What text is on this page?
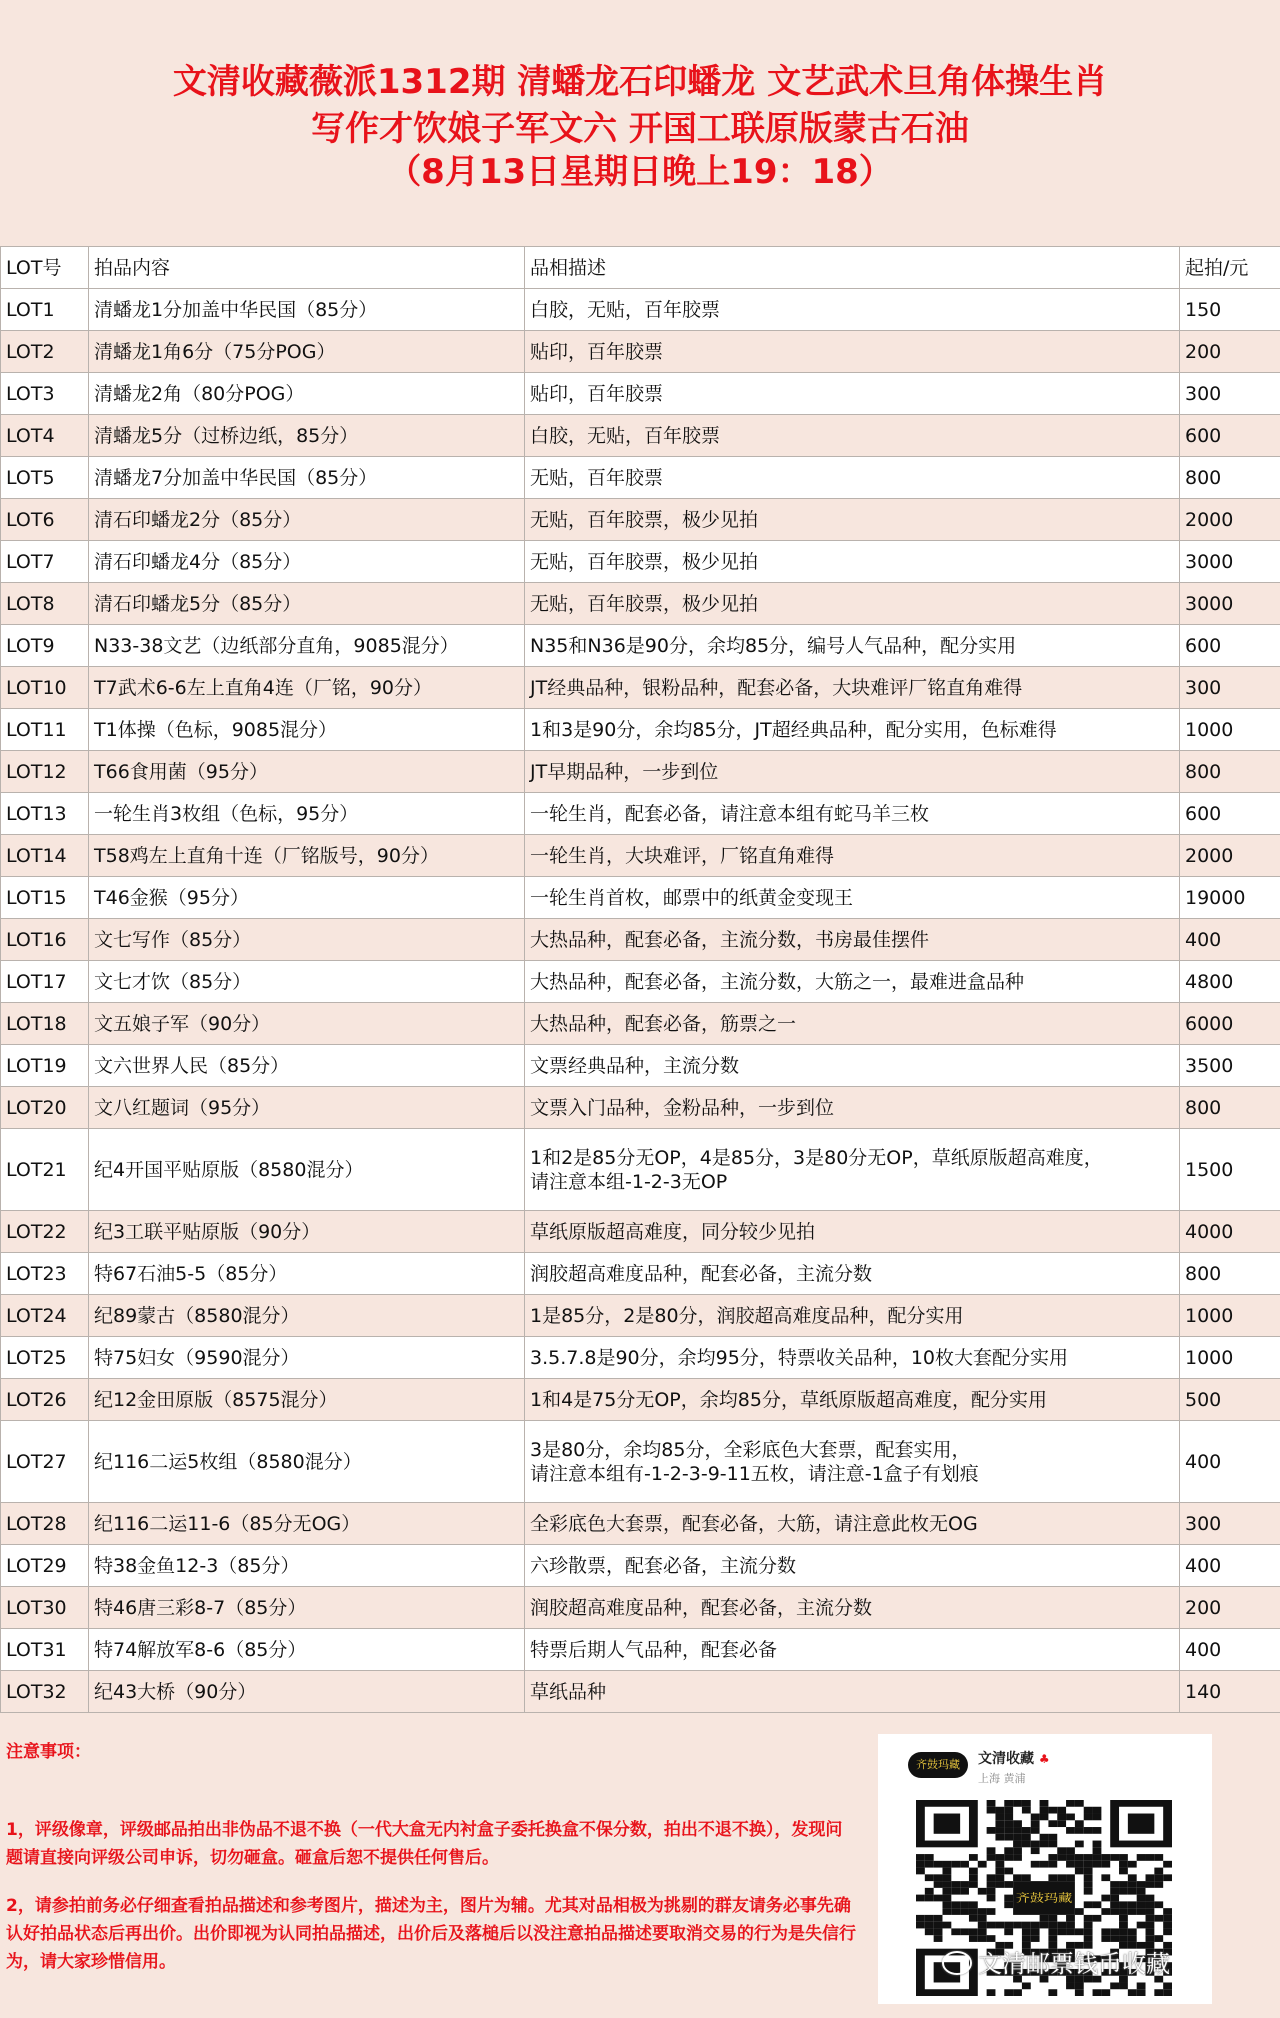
文清收藏薇派1312期 清蟠龙石印蟠龙 文艺武术旦角体操生肖
写作才饮娘子军文六 开国工联原版蒙古石油
（8月13日星期日晚上19：18）
LOT号	拍品内容	品相描述	起拍/元
LOT1	清蟠龙1分加盖中华民国（85分）	白胶，无贴，百年胶票	150
LOT2	清蟠龙1角6分（75分POG）	贴印，百年胶票	200
LOT3	清蟠龙2角（80分POG）	贴印，百年胶票	300
LOT4	清蟠龙5分（过桥边纸，85分）	白胶，无贴，百年胶票	600
LOT5	清蟠龙7分加盖中华民国（85分）	无贴，百年胶票	800
LOT6	清石印蟠龙2分（85分）	无贴，百年胶票，极少见拍	2000
LOT7	清石印蟠龙4分（85分）	无贴，百年胶票，极少见拍	3000
LOT8	清石印蟠龙5分（85分）	无贴，百年胶票，极少见拍	3000
LOT9	N33-38文艺（边纸部分直角，9085混分）	N35和N36是90分，余均85分，编号人气品种，配分实用	600
LOT10	T7武术6-6左上直角4连（厂铭，90分）	JT经典品种，银粉品种，配套必备，大块难评厂铭直角难得	300
LOT11	T1体操（色标，9085混分）	1和3是90分，余均85分，JT超经典品种，配分实用，色标难得	1000
LOT12	T66食用菌（95分）	JT早期品种，一步到位	800
LOT13	一轮生肖3枚组（色标，95分）	一轮生肖，配套必备，请注意本组有蛇马羊三枚	600
LOT14	T58鸡左上直角十连（厂铭版号，90分）	一轮生肖，大块难评，厂铭直角难得	2000
LOT15	T46金猴（95分）	一轮生肖首枚，邮票中的纸黄金变现王	19000
LOT16	文七写作（85分）	大热品种，配套必备，主流分数，书房最佳摆件	400
LOT17	文七才饮（85分）	大热品种，配套必备，主流分数，大筋之一，最难进盒品种	4800
LOT18	文五娘子军（90分）	大热品种，配套必备，筋票之一	6000
LOT19	文六世界人民（85分）	文票经典品种，主流分数	3500
LOT20	文八红题词（95分）	文票入门品种，金粉品种，一步到位	800
LOT21	纪4开国平贴原版（8580混分）	1和2是85分无OP，4是85分，3是80分无OP，草纸原版超高难度，
请注意本组-1-2-3无OP	1500
LOT22	纪3工联平贴原版（90分）	草纸原版超高难度，同分较少见拍	4000
LOT23	特67石油5-5（85分）	润胶超高难度品种，配套必备，主流分数	800
LOT24	纪89蒙古（8580混分）	1是85分，2是80分，润胶超高难度品种，配分实用	1000
LOT25	特75妇女（9590混分）	3.5.7.8是90分，余均95分，特票收关品种，10枚大套配分实用	1000
LOT26	纪12金田原版（8575混分）	1和4是75分无OP，余均85分，草纸原版超高难度，配分实用	500
LOT27	纪116二运5枚组（8580混分）	3是80分，余均85分，全彩底色大套票，配套实用，
请注意本组有-1-2-3-9-11五枚，请注意-1盒子有划痕	400
LOT28	纪116二运11-6（85分无OG）	全彩底色大套票，配套必备，大筋，请注意此枚无OG	300
LOT29	特38金鱼12-3（85分）	六珍散票，配套必备，主流分数	400
LOT30	特46唐三彩8-7（85分）	润胶超高难度品种，配套必备，主流分数	200
LOT31	特74解放军8-6（85分）	特票后期人气品种，配套必备	400
LOT32	纪43大桥（90分）	草纸品种	140
注意事项：
1，评级像章，评级邮品拍出非伪品不退不换（一代大盒无内衬盒子委托换盒不保分数，拍出不退不换），发现问题请直接向评级公司申诉，切勿砸盒。砸盒后恕不提供任何售后。
2，请参拍前务必仔细查看拍品描述和参考图片，描述为主，图片为辅。尤其对品相极为挑剔的群友请务必事先确认好拍品状态后再出价。出价即视为认同拍品描述，出价后及落槌后以没注意拍品描述要取消交易的行为是失信行为，请大家珍惜信用。
齐鼓玛藏	文清收藏 ♣
上海 黄浦
齐鼓玛藏
文清邮票钱币收藏
